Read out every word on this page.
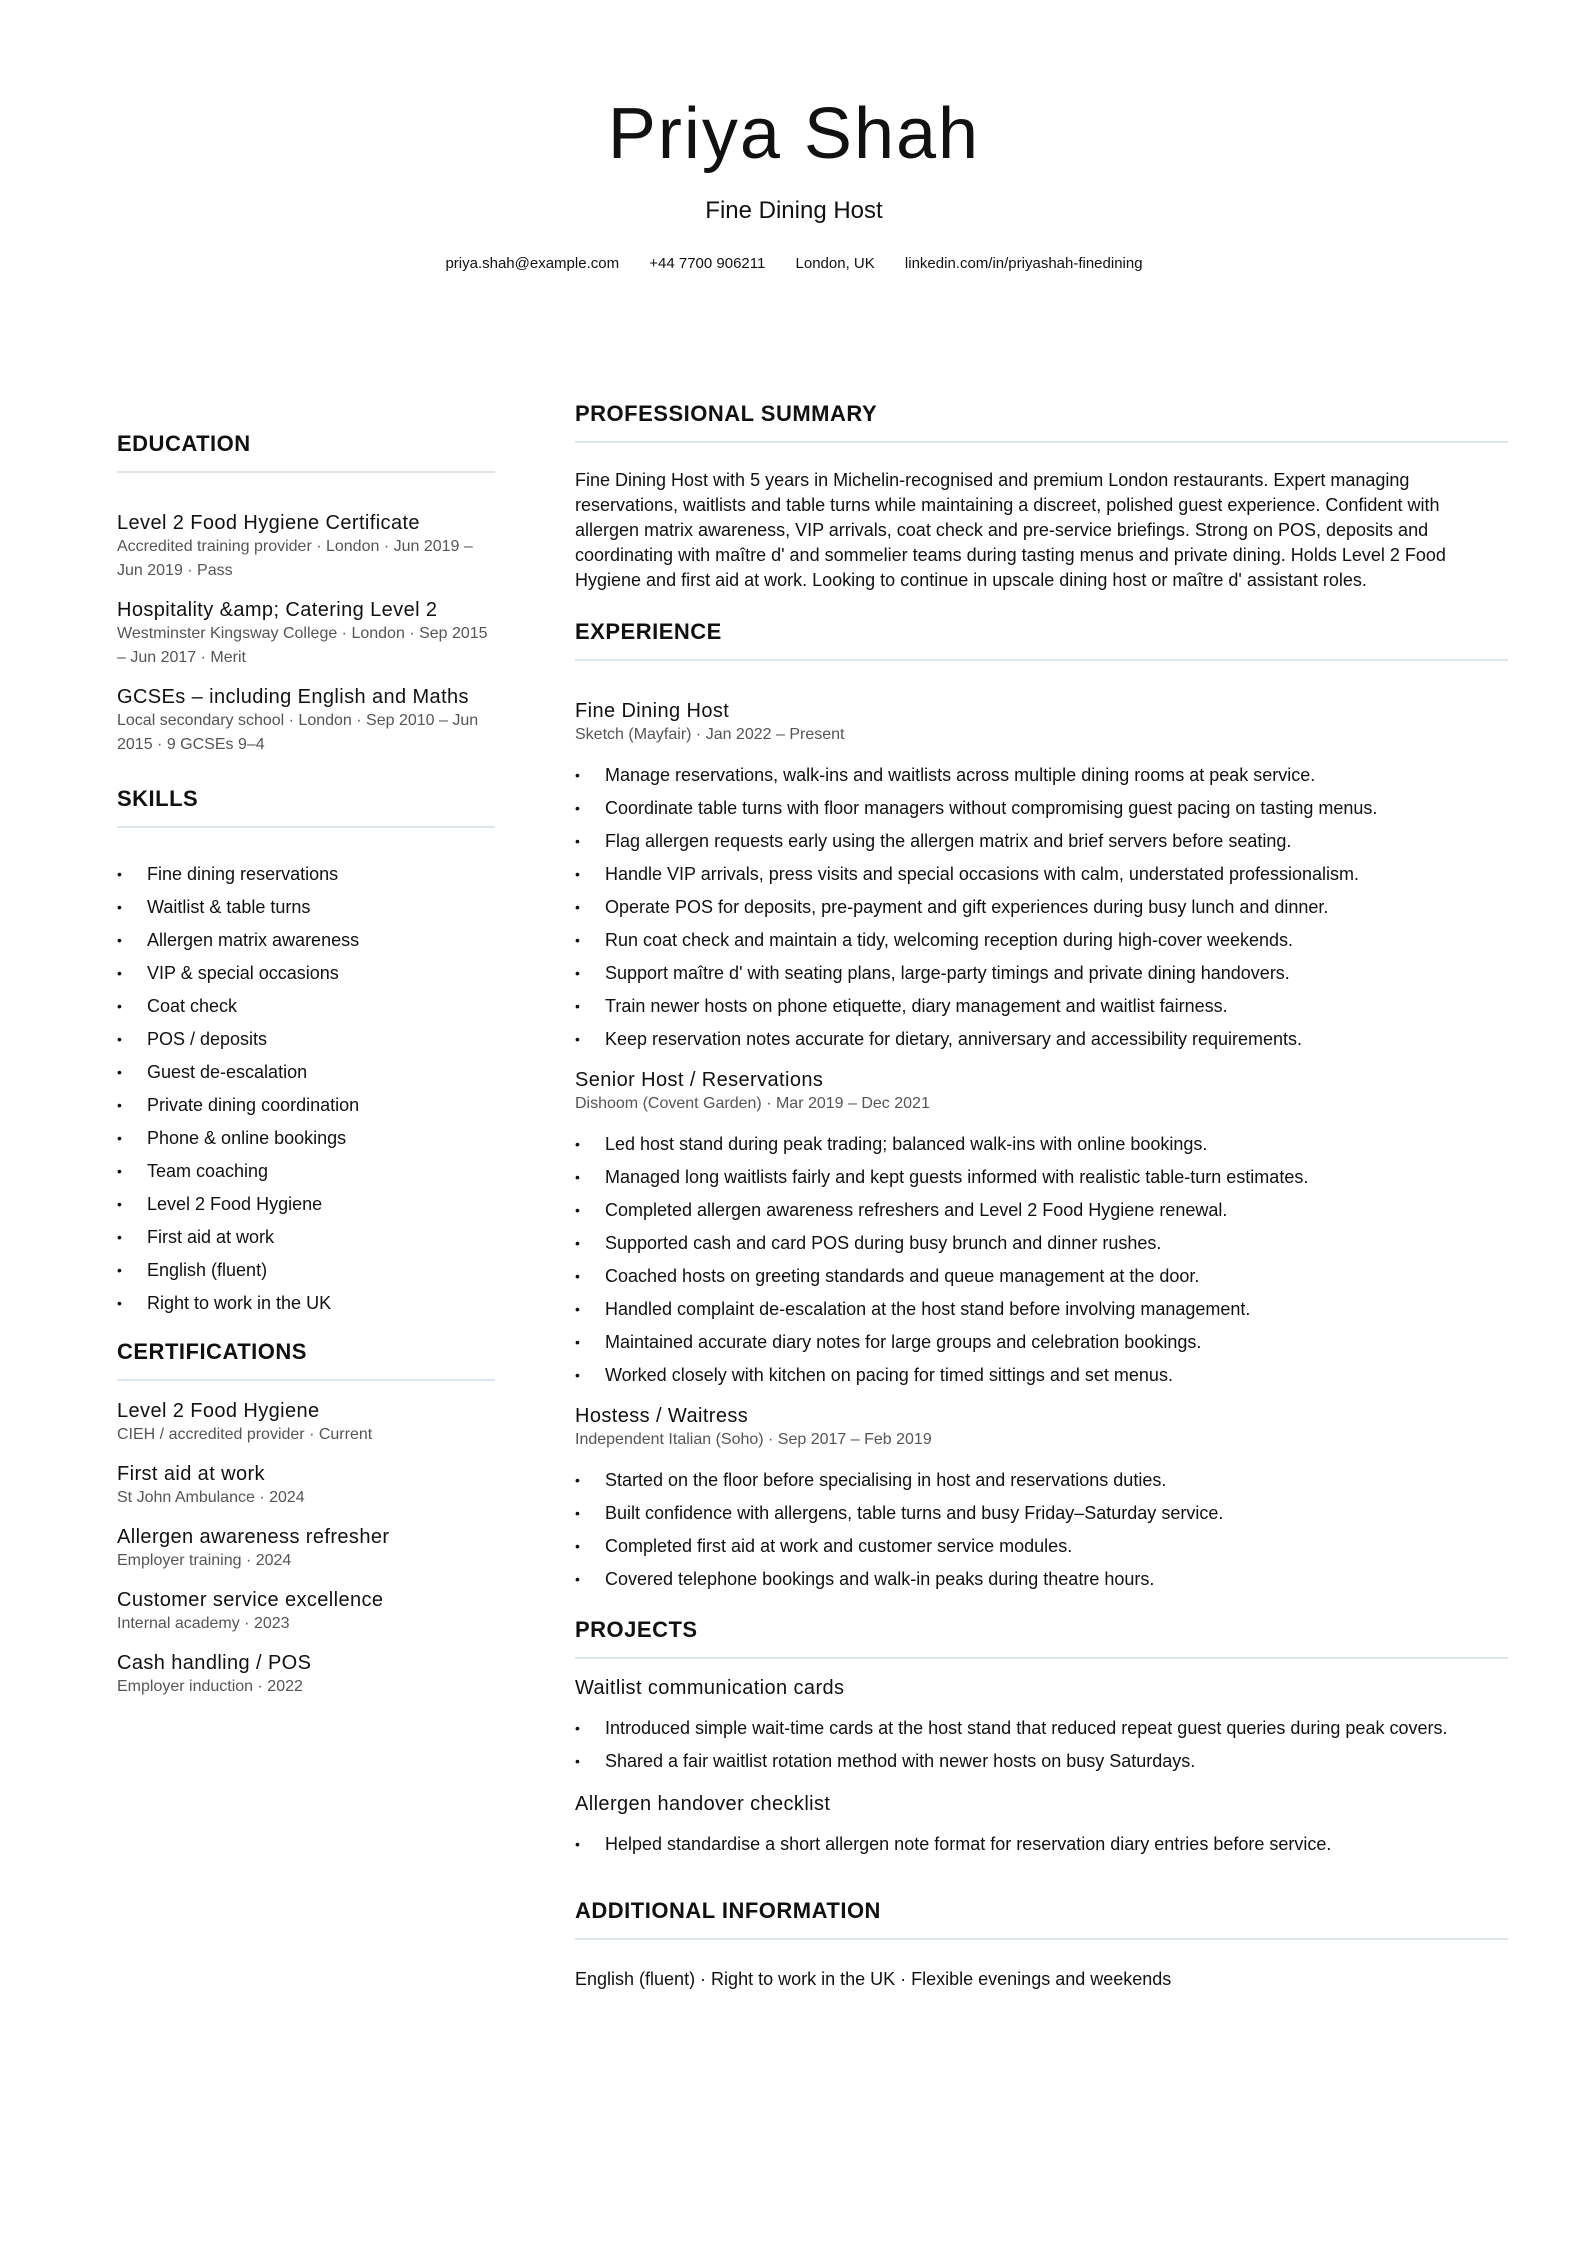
Priya Shah
Fine Dining Host
priya.shah@example.com +44 7700 906211 London, UK linkedin.com/in/priyashah-finedining
EDUCATION
Level 2 Food Hygiene Certificate
Accredited training provider · London · Jun 2019 – Jun 2019 · Pass
Hospitality &amp; Catering Level 2
Westminster Kingsway College · London · Sep 2015 – Jun 2017 · Merit
GCSEs – including English and Maths
Local secondary school · London · Sep 2010 – Jun 2015 · 9 GCSEs 9–4
SKILLS
• Fine dining reservations
• Waitlist & table turns
• Allergen matrix awareness
• VIP & special occasions
• Coat check
• POS / deposits
• Guest de-escalation
• Private dining coordination
• Phone & online bookings
• Team coaching
• Level 2 Food Hygiene
• First aid at work
• English (fluent)
• Right to work in the UK
CERTIFICATIONS
Level 2 Food Hygiene
CIEH / accredited provider · Current
First aid at work
St John Ambulance · 2024
Allergen awareness refresher
Employer training · 2024
Customer service excellence
Internal academy · 2023
Cash handling / POS
Employer induction · 2022
PROFESSIONAL SUMMARY
Fine Dining Host with 5 years in Michelin-recognised and premium London restaurants. Expert managing reservations, waitlists and table turns while maintaining a discreet, polished guest experience. Confident with allergen matrix awareness, VIP arrivals, coat check and pre-service briefings. Strong on POS, deposits and coordinating with maître d' and sommelier teams during tasting menus and private dining. Holds Level 2 Food Hygiene and first aid at work. Looking to continue in upscale dining host or maître d' assistant roles.
EXPERIENCE
Fine Dining Host
Sketch (Mayfair) · Jan 2022 – Present
• Manage reservations, walk-ins and waitlists across multiple dining rooms at peak service.
• Coordinate table turns with floor managers without compromising guest pacing on tasting menus.
• Flag allergen requests early using the allergen matrix and brief servers before seating.
• Handle VIP arrivals, press visits and special occasions with calm, understated professionalism.
• Operate POS for deposits, pre-payment and gift experiences during busy lunch and dinner.
• Run coat check and maintain a tidy, welcoming reception during high-cover weekends.
• Support maître d' with seating plans, large-party timings and private dining handovers.
• Train newer hosts on phone etiquette, diary management and waitlist fairness.
• Keep reservation notes accurate for dietary, anniversary and accessibility requirements.
Senior Host / Reservations
Dishoom (Covent Garden) · Mar 2019 – Dec 2021
• Led host stand during peak trading; balanced walk-ins with online bookings.
• Managed long waitlists fairly and kept guests informed with realistic table-turn estimates.
• Completed allergen awareness refreshers and Level 2 Food Hygiene renewal.
• Supported cash and card POS during busy brunch and dinner rushes.
• Coached hosts on greeting standards and queue management at the door.
• Handled complaint de-escalation at the host stand before involving management.
• Maintained accurate diary notes for large groups and celebration bookings.
• Worked closely with kitchen on pacing for timed sittings and set menus.
Hostess / Waitress
Independent Italian (Soho) · Sep 2017 – Feb 2019
• Started on the floor before specialising in host and reservations duties.
• Built confidence with allergens, table turns and busy Friday–Saturday service.
• Completed first aid at work and customer service modules.
• Covered telephone bookings and walk-in peaks during theatre hours.
PROJECTS
Waitlist communication cards
• Introduced simple wait-time cards at the host stand that reduced repeat guest queries during peak covers.
• Shared a fair waitlist rotation method with newer hosts on busy Saturdays.
Allergen handover checklist
• Helped standardise a short allergen note format for reservation diary entries before service.
ADDITIONAL INFORMATION
English (fluent) · Right to work in the UK · Flexible evenings and weekends
